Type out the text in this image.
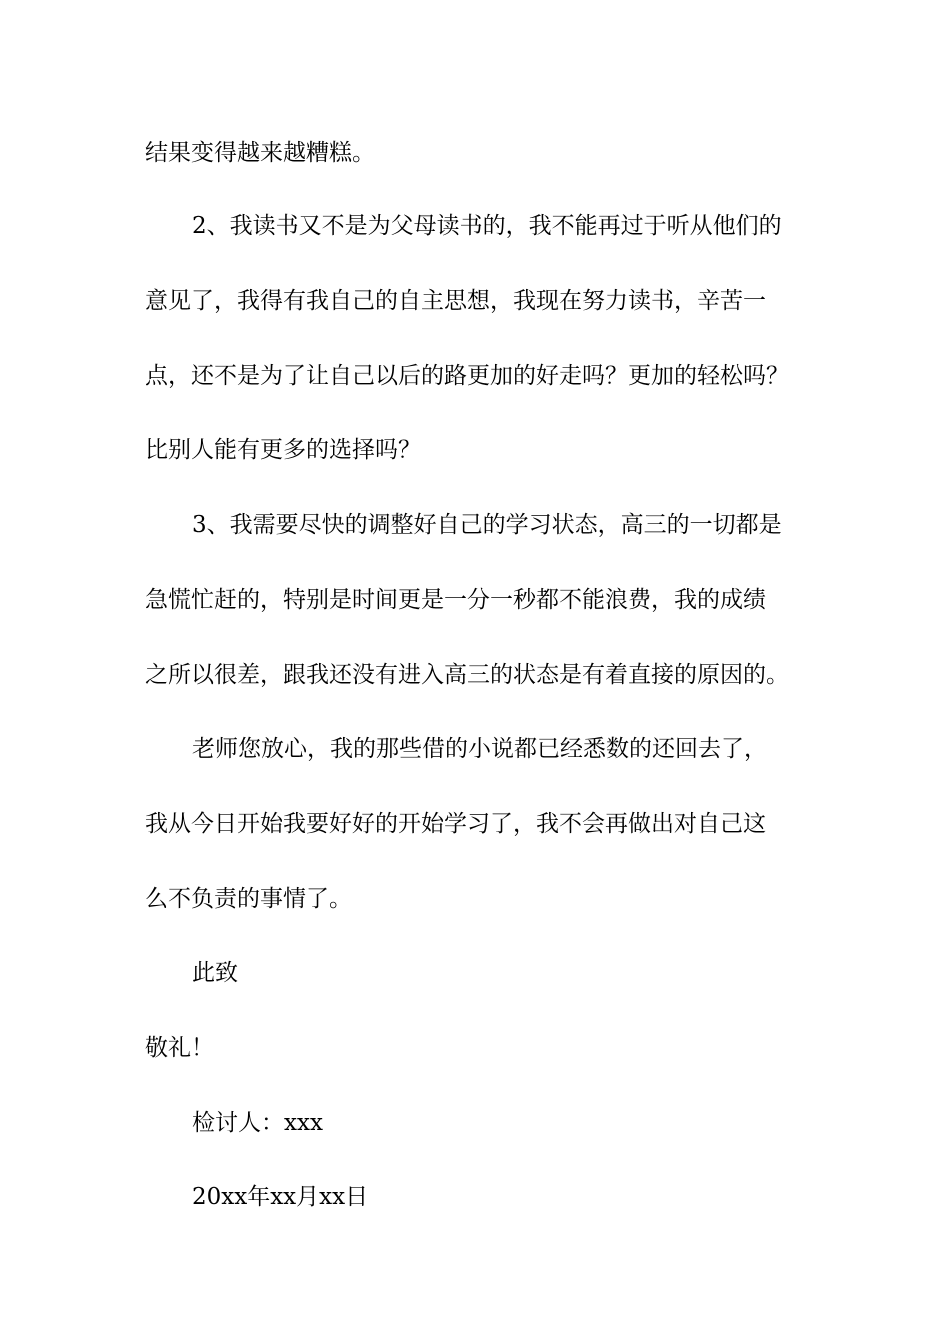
结果变得越来越糟糕。
2、我读书又不是为父母读书的，我不能再过于听从他们的
意见了，我得有我自己的自主思想，我现在努力读书，辛苦一
点，还不是为了让自己以后的路更加的好走吗？更加的轻松吗？
比别人能有更多的选择吗？
3、我需要尽快的调整好自己的学习状态，高三的一切都是
急慌忙赶的，特别是时间更是一分一秒都不能浪费，我的成绩
之所以很差，跟我还没有进入高三的状态是有着直接的原因的。
老师您放心，我的那些借的小说都已经悉数的还回去了，
我从今日开始我要好好的开始学习了，我不会再做出对自己这
么不负责的事情了。
此致
敬礼！
检讨人：xxx
20xx年xx月xx日
